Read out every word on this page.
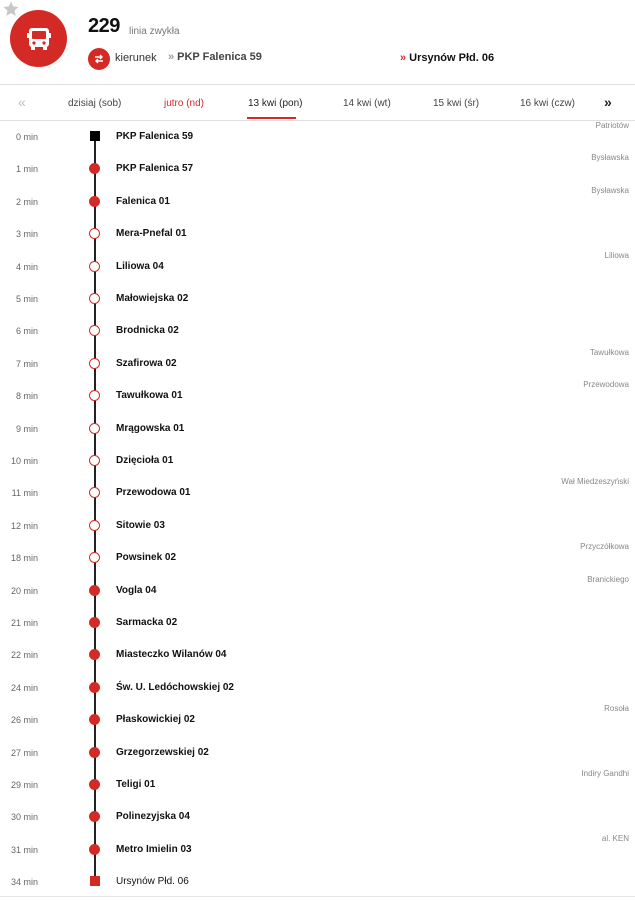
229 linia zwykła
kierunek » PKP Falenica 59	» Ursynów Płd. 06
«	dzisiaj (sob)	jutro (nd)	13 kwi (pon)	14 kwi (wt)	15 kwi (śr)	16 kwi (czw) »
0 min	PKP Falenica 59
Patriotów
1 min	PKP Falenica 57
Bysławska
2 min	Falenica 01
Bysławska
3 min	Mera-Pnefal 01
4 min	Liliowa 04
Liliowa
5 min	Małowiejska 02
6 min	Brodnicka 02
7 min	Szafirowa 02
Tawułkowa
8 min	Tawułkowa 01
Przewodowa
9 min	Mrągowska 01
10 min	Dzięcioła 01
11 min	Przewodowa 01
Wał Miedzeszyński
12 min	Sitowie 03
18 min	Powsinek 02
Przyczółkowa
20 min	Vogla 04
Branickiego
21 min	Sarmacka 02
22 min	Miasteczko Wilanów 04
24 min	Św. U. Ledóchowskiej 02
26 min	Płaskowickiej 02
Rosoła
27 min	Grzegorzewskiej 02
29 min	Teligi 01
Indiry Gandhi
30 min	Polinezyjska 04
31 min	Metro Imielin 03
al. KEN
34 min	Ursynów Płd. 06
